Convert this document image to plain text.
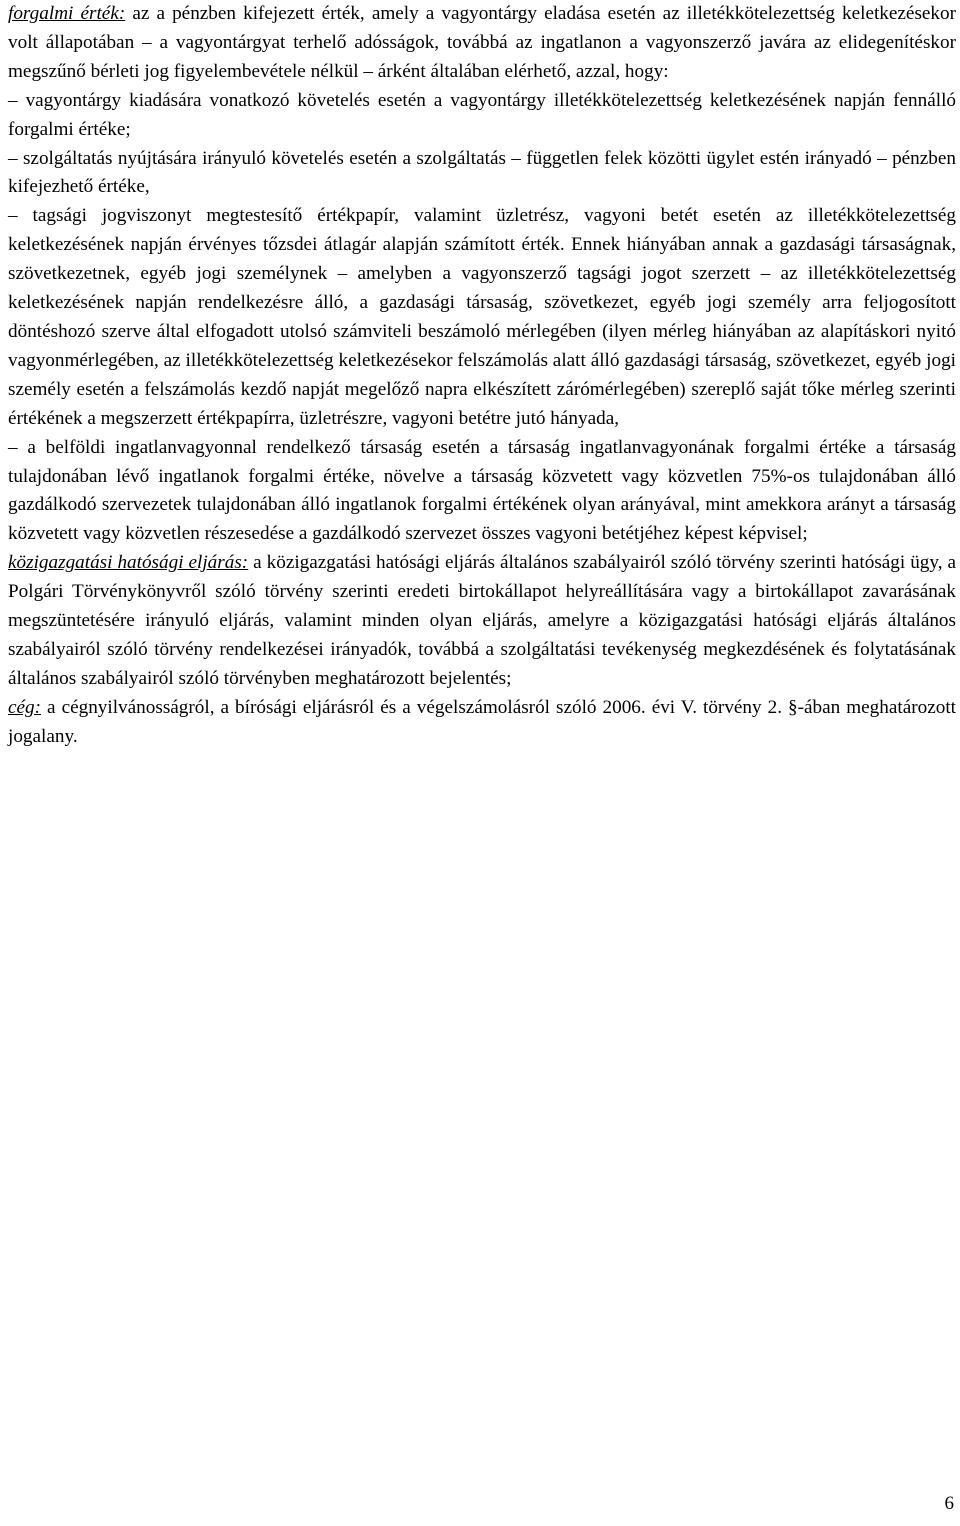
forgalmi érték: az a pénzben kifejezett érték, amely a vagyontárgy eladása esetén az illetékkötelezettség keletkezésekor volt állapotában – a vagyontárgyat terhelő adósságok, továbbá az ingatlanon a vagyonszerző javára az elidegenítéskor megszűnő bérleti jog figyelembevétele nélkül – árként általában elérhető, azzal, hogy:

– vagyontárgy kiadására vonatkozó követelés esetén a vagyontárgy illetékkötelezettség keletkezésének napján fennálló forgalmi értéke;

– szolgáltatás nyújtására irányuló követelés esetén a szolgáltatás – független felek közötti ügylet estén irányadó – pénzben kifejezhető értéke,

– tagsági jogviszonyt megtestesítő értékpapír, valamint üzletrész, vagyoni betét esetén az illetékkötelezettség keletkezésének napján érvényes tőzsdei átlagár alapján számított érték. Ennek hiányában annak a gazdasági társaságnak, szövetkezetnek, egyéb jogi személynek – amelyben a vagyonszerző tagsági jogot szerzett – az illetékkötelezettség keletkezésének napján rendelkezésre álló, a gazdasági társaság, szövetkezet, egyéb jogi személy arra feljogosított döntéshozó szerve által elfogadott utolsó számviteli beszámoló mérlegében (ilyen mérleg hiányában az alapításkori nyitó vagyonmérlegében, az illetékkötelezettség keletkezésekor felszámolás alatt álló gazdasági társaság, szövetkezet, egyéb jogi személy esetén a felszámolás kezdő napját megelőző napra elkészített zárómérlegében) szereplő saját tőke mérleg szerinti értékének a megszerzett értékpapírra, üzletrészre, vagyoni betétre jutó hányada,

– a belföldi ingatlanvagyonnal rendelkező társaság esetén a társaság ingatlanvagyonának forgalmi értéke a társaság tulajdonában lévő ingatlanok forgalmi értéke, növelve a társaság közvetett vagy közvetlen 75%-os tulajdonában álló gazdálkodó szervezetek tulajdonában álló ingatlanok forgalmi értékének olyan arányával, mint amekkora arányt a társaság közvetett vagy közvetlen részesedése a gazdálkodó szervezet összes vagyoni betétjéhez képest képvisel;

közigazgatási hatósági eljárás: a közigazgatási hatósági eljárás általános szabályairól szóló törvény szerinti hatósági ügy, a Polgári Törvénykönyvről szóló törvény szerinti eredeti birtokállapot helyreállítására vagy a birtokállapot zavarásának megszüntetésére irányuló eljárás, valamint minden olyan eljárás, amelyre a közigazgatási hatósági eljárás általános szabályairól szóló törvény rendelkezései irányadók, továbbá a szolgáltatási tevékenység megkezdésének és folytatásának általános szabályairól szóló törvényben meghatározott bejelentés;

cég: a cégnyilvánosságról, a bírósági eljárásról és a végelszámolásról szóló 2006. évi V. törvény 2. §-ában meghatározott jogalany.

6
